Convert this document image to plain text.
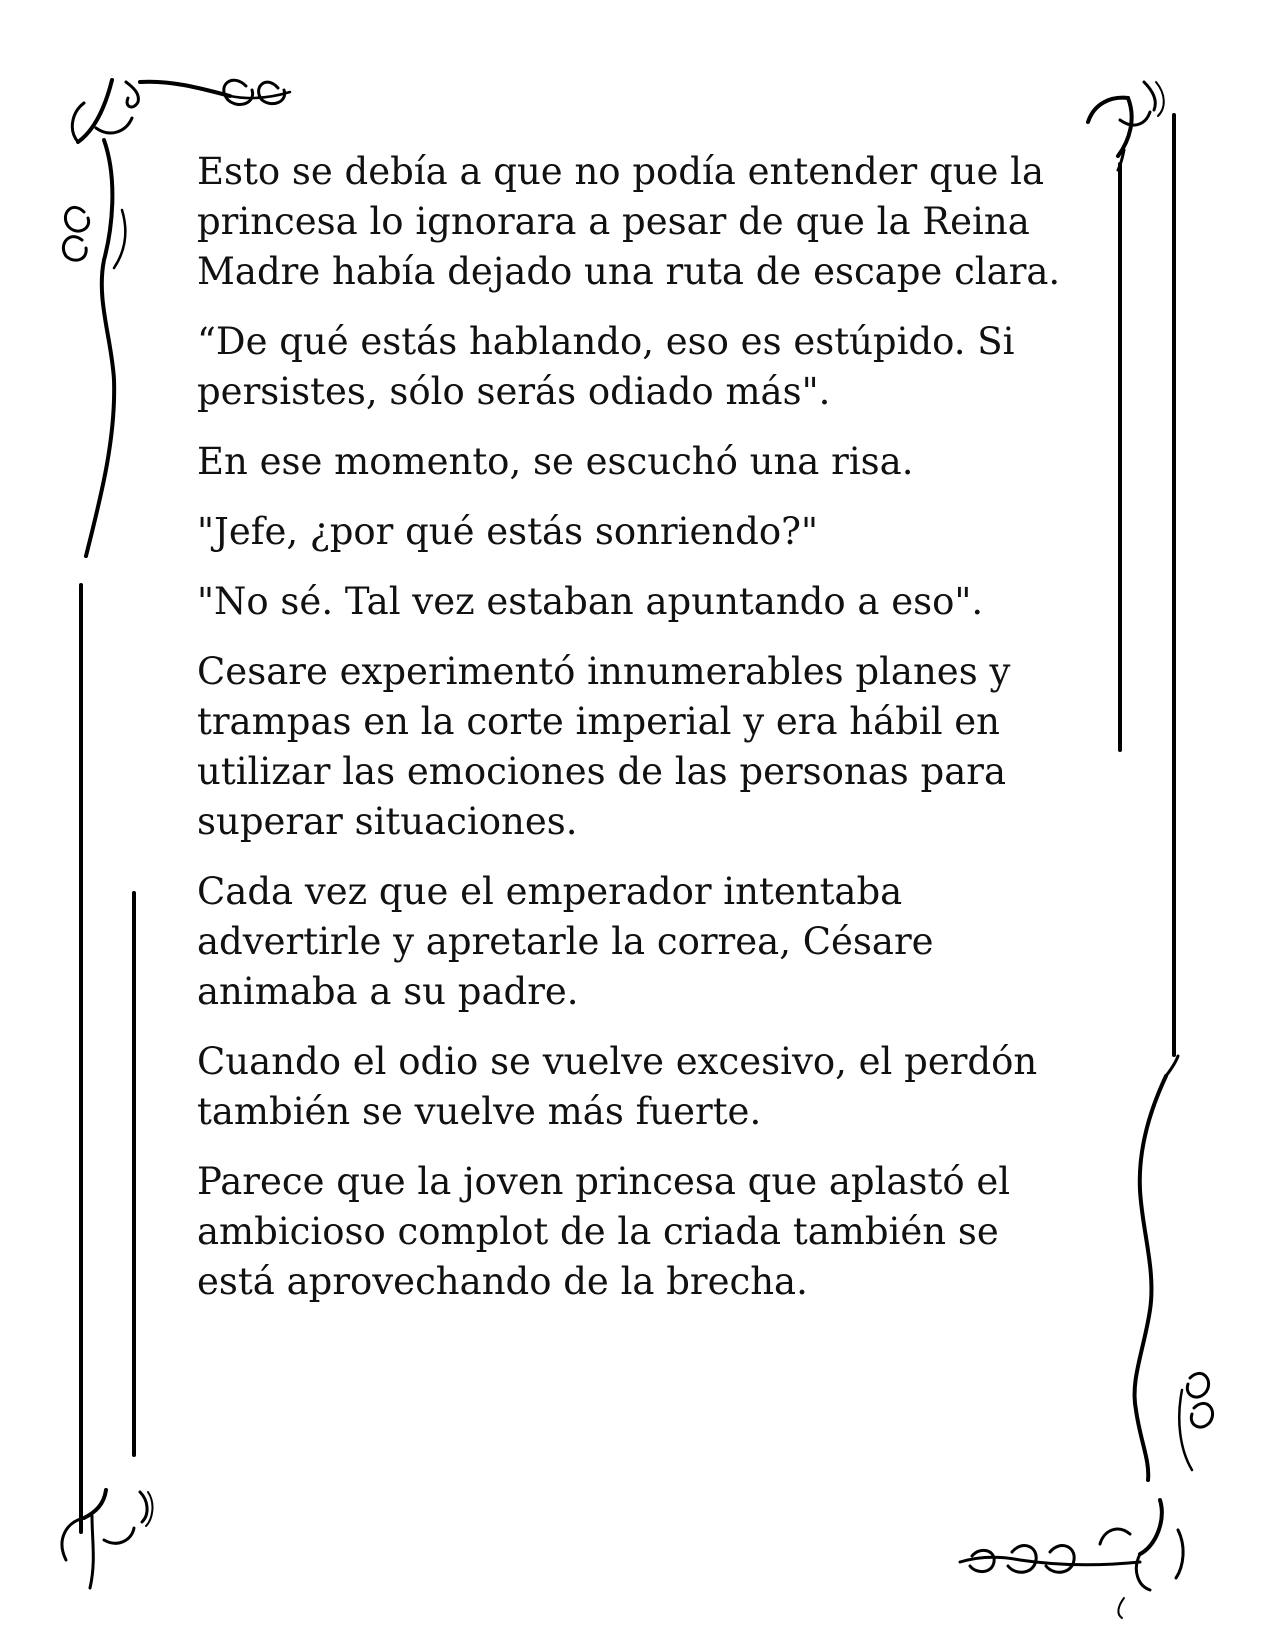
Esto se debía a que no podía entender que la
princesa lo ignorara a pesar de que la Reina
Madre había dejado una ruta de escape clara.

“De qué estás hablando, eso es estúpido. Si
persistes, sólo serás odiado más".

En ese momento, se escuchó una risa.

"Jefe, ¿por qué estás sonriendo?"

"No sé. Tal vez estaban apuntando a eso".

Cesare experimentó innumerables planes y
trampas en la corte imperial y era hábil en
utilizar las emociones de las personas para
superar situaciones.

Cada vez que el emperador intentaba
advertirle y apretarle la correa, Césare
animaba a su padre.

Cuando el odio se vuelve excesivo, el perdón
también se vuelve más fuerte.

Parece que la joven princesa que aplastó el
ambicioso complot de la criada también se
está aprovechando de la brecha.
